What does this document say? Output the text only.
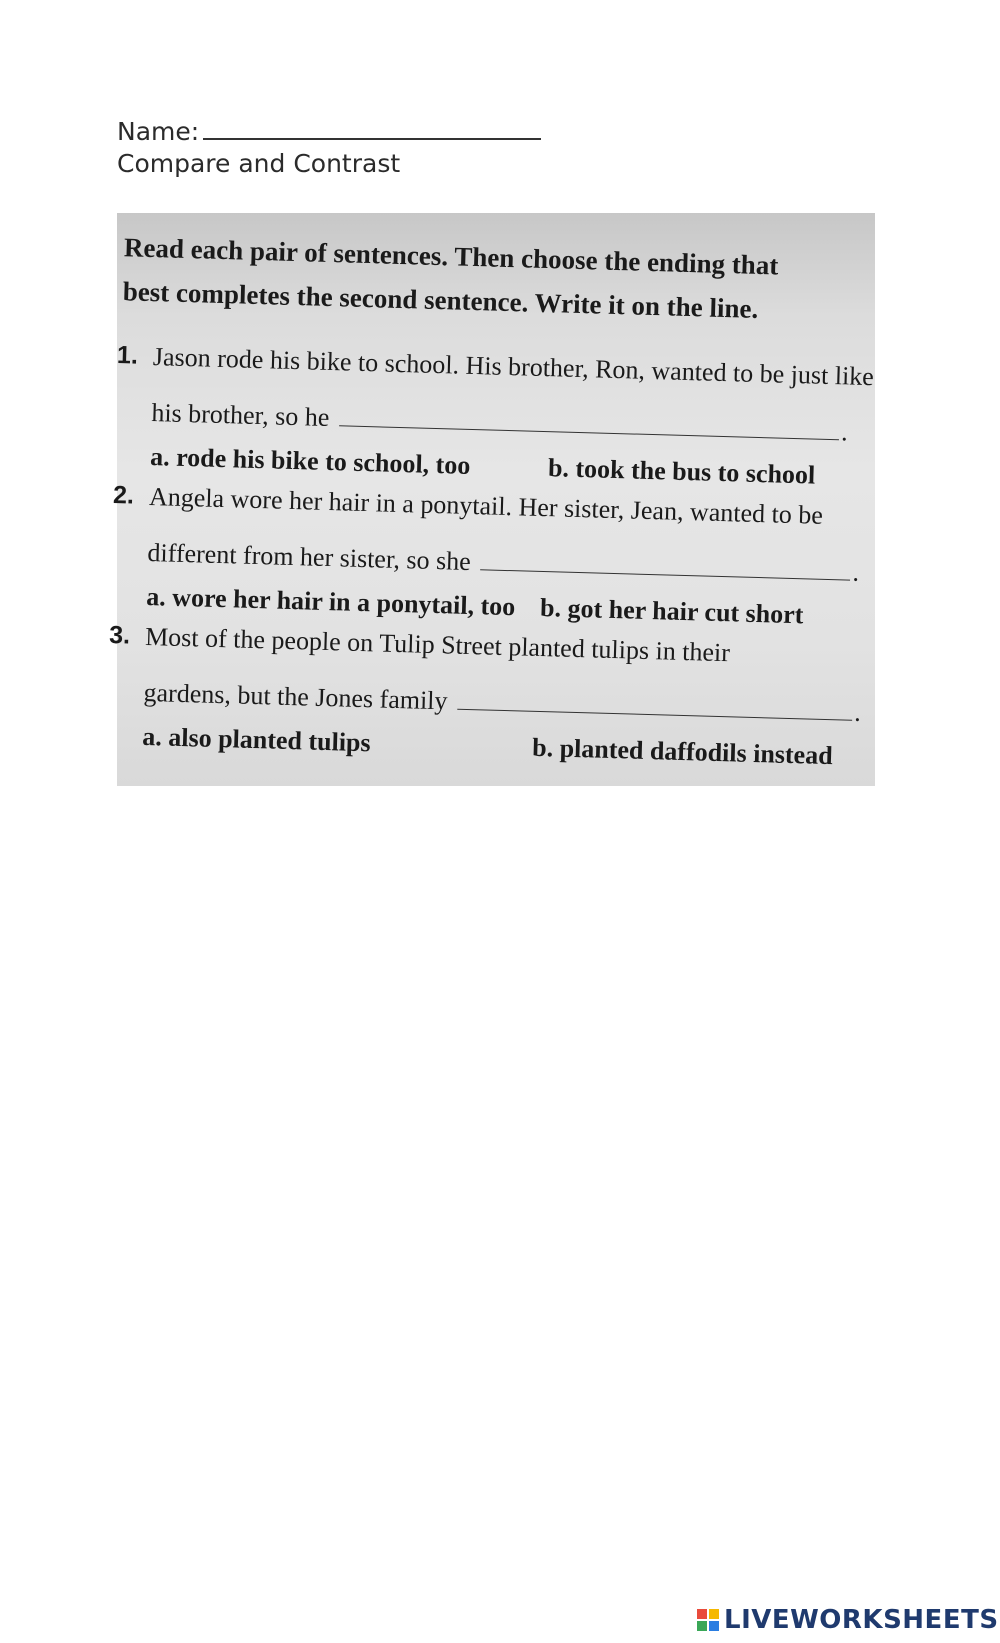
Name:
Compare and Contrast
Read each pair of sentences. Then choose the ending that best completes the second sentence. Write it on the line.
1. Jason rode his bike to school. His brother, Ron, wanted to be just like
his brother, so he	.
a. rode his bike to school, too	b. took the bus to school
2. Angela wore her hair in a ponytail. Her sister, Jean, wanted to be
different from her sister, so she	.
a. wore her hair in a ponytail, too b. got her hair cut short
3. Most of the people on Tulip Street planted tulips in their
gardens, but the Jones family	.
a. also planted tulips	b. planted daffodils instead
LIVEWORKSHEETS
